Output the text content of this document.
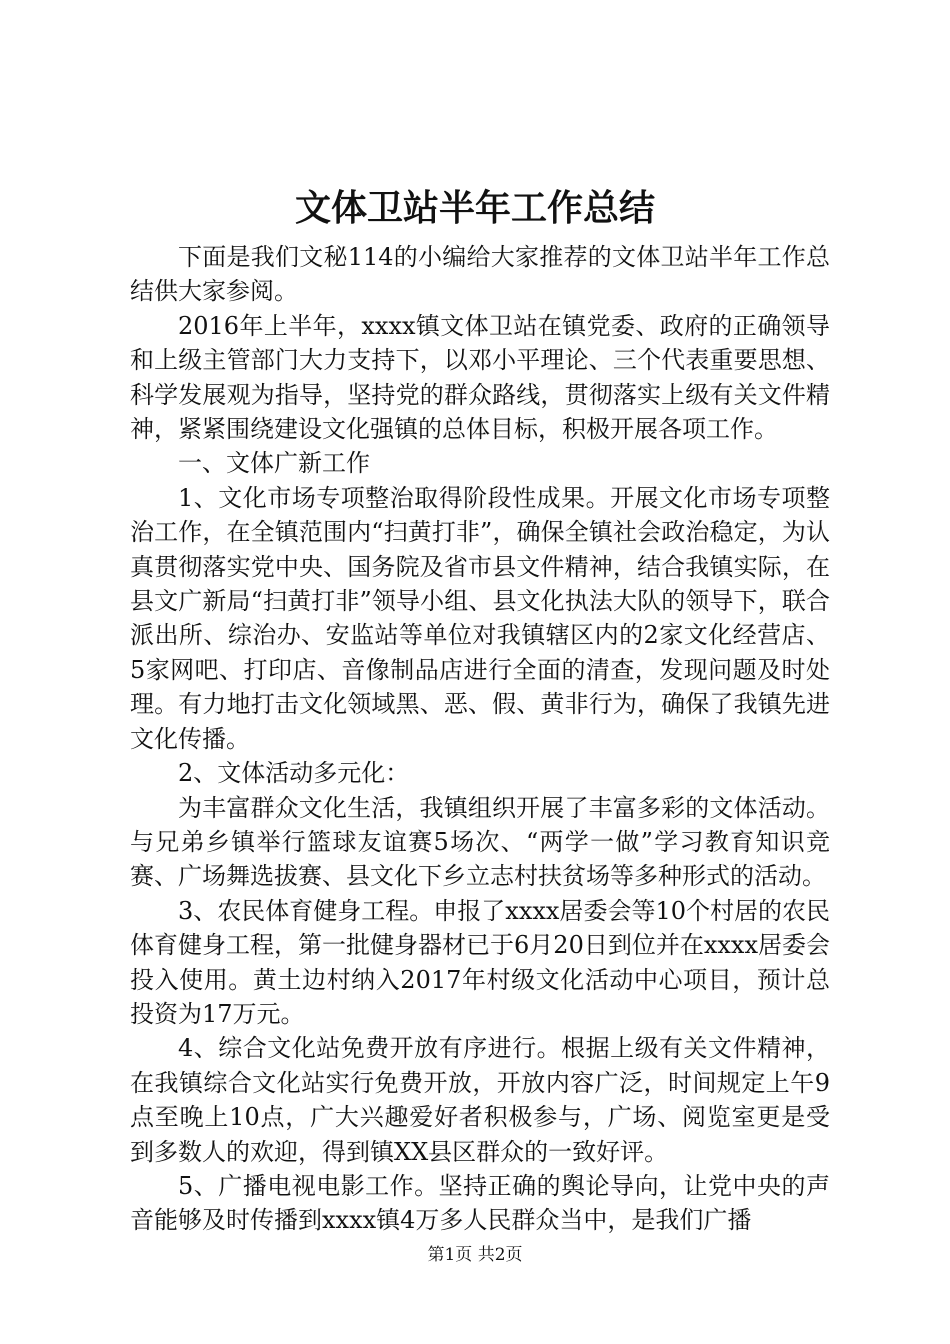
文体卫站半年工作总结

下面是我们文秘114的小编给大家推荐的文体卫站半年工作总结供大家参阅。

2016年上半年，xxxx镇文体卫站在镇党委、政府的正确领导和上级主管部门大力支持下，以邓小平理论、三个代表重要思想、科学发展观为指导，坚持党的群众路线，贯彻落实上级有关文件精神，紧紧围绕建设文化强镇的总体目标，积极开展各项工作。

一、文体广新工作

1、文化市场专项整治取得阶段性成果。开展文化市场专项整治工作，在全镇范围内“扫黄打非”，确保全镇社会政治稳定，为认真贯彻落实党中央、国务院及省市县文件精神，结合我镇实际，在县文广新局“扫黄打非”领导小组、县文化执法大队的领导下，联合派出所、综治办、安监站等单位对我镇辖区内的2家文化经营店、5家网吧、打印店、音像制品店进行全面的清查，发现问题及时处理。有力地打击文化领域黑、恶、假、黄非行为，确保了我镇先进文化传播。

2、文体活动多元化：

为丰富群众文化生活，我镇组织开展了丰富多彩的文体活动。与兄弟乡镇举行篮球友谊赛5场次、“两学一做”学习教育知识竞赛、广场舞选拔赛、县文化下乡立志村扶贫场等多种形式的活动。

3、农民体育健身工程。申报了xxxx居委会等10个村居的农民体育健身工程，第一批健身器材已于6月20日到位并在xxxx居委会投入使用。黄土边村纳入2017年村级文化活动中心项目，预计总投资为17万元。

4、综合文化站免费开放有序进行。根据上级有关文件精神，在我镇综合文化站实行免费开放，开放内容广泛，时间规定上午9点至晚上10点，广大兴趣爱好者积极参与，广场、阅览室更是受到多数人的欢迎，得到镇XX县区群众的一致好评。

5、广播电视电影工作。坚持正确的舆论导向，让党中央的声音能够及时传播到xxxx镇4万多人民群众当中，是我们广播

第1页 共2页
